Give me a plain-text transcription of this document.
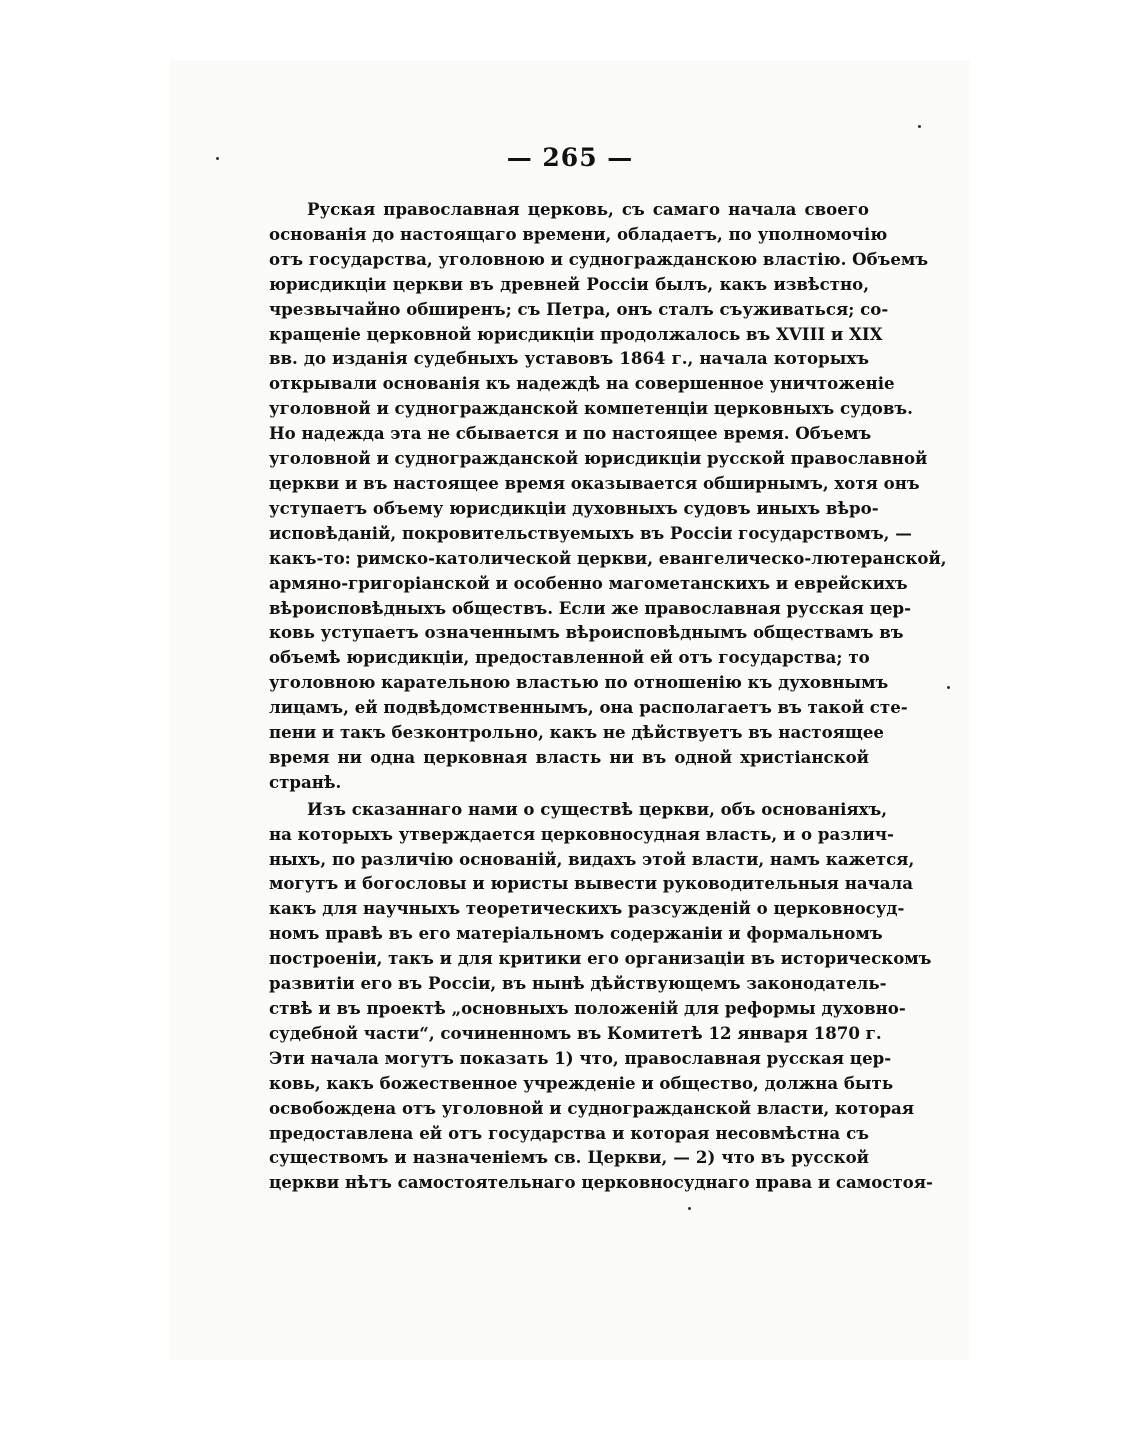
— 265 —

Руская православная церковь, съ самаго начала своего
основанія до настоящаго времени, обладаетъ, по уполномочію
отъ государства, уголовною и судногражданскою властію. Объемъ
юрисдикціи церкви въ древней Россіи былъ, какъ извѣстно,
чрезвычайно обширенъ; съ Петра, онъ сталъ съуживаться; со-
кращеніе церковной юрисдикціи продолжалось въ XVIII и XIX
вв. до изданія судебныхъ уставовъ 1864 г., начала которыхъ
открывали основанія къ надеждѣ на совершенное уничтоженіе
уголовной и судногражданской компетенціи церковныхъ судовъ.
Но надежда эта не сбывается и по настоящее время. Объемъ
уголовной и судногражданской юрисдикціи русской православной
церкви и въ настоящее время оказывается обширнымъ, хотя онъ
уступаетъ объему юрисдикціи духовныхъ судовъ иныхъ вѣро-
исповѣданій, покровительствуемыхъ въ Россіи государствомъ, —
какъ-то: римско-католической церкви, евангелическо-лютеранской,
армяно-григоріанской и особенно магометанскихъ и еврейскихъ
вѣроисповѣдныхъ обществъ. Если же православная русская цер-
ковь уступаетъ означеннымъ вѣроисповѣднымъ обществамъ въ
объемѣ юрисдикціи, предоставленной ей отъ государства; то
уголовною карательною властью по отношенію къ духовнымъ
лицамъ, ей подвѣдомственнымъ, она располагаетъ въ такой сте-
пени и такъ безконтрольно, какъ не дѣйствуетъ въ настоящее
время ни одна церковная власть ни въ одной христіанской
странѣ.

Изъ сказаннаго нами о существѣ церкви, объ основаніяхъ,
на которыхъ утверждается церковносудная власть, и о различ-
ныхъ, по различію основаній, видахъ этой власти, намъ кажется,
могутъ и богословы и юристы вывести руководительныя начала
какъ для научныхъ теоретическихъ разсужденій о церковносуд-
номъ правѣ въ его матеріальномъ содержаніи и формальномъ
построеніи, такъ и для критики его организаціи въ историческомъ
развитіи его въ Россіи, въ нынѣ дѣйствующемъ законодатель-
ствѣ и въ проектѣ „основныхъ положеній для реформы духовно-
судебной части“, сочиненномъ въ Комитетѣ 12 января 1870 г.
Эти начала могутъ показать 1) что, православная русская цер-
ковь, какъ божественное учрежденіе и общество, должна быть
освобождена отъ уголовной и судногражданской власти, которая
предоставлена ей отъ государства и которая несовмѣстна съ
существомъ и назначеніемъ св. Церкви, — 2) что въ русской
церкви нѣтъ самостоятельнаго церковносуднаго права и самостоя-
